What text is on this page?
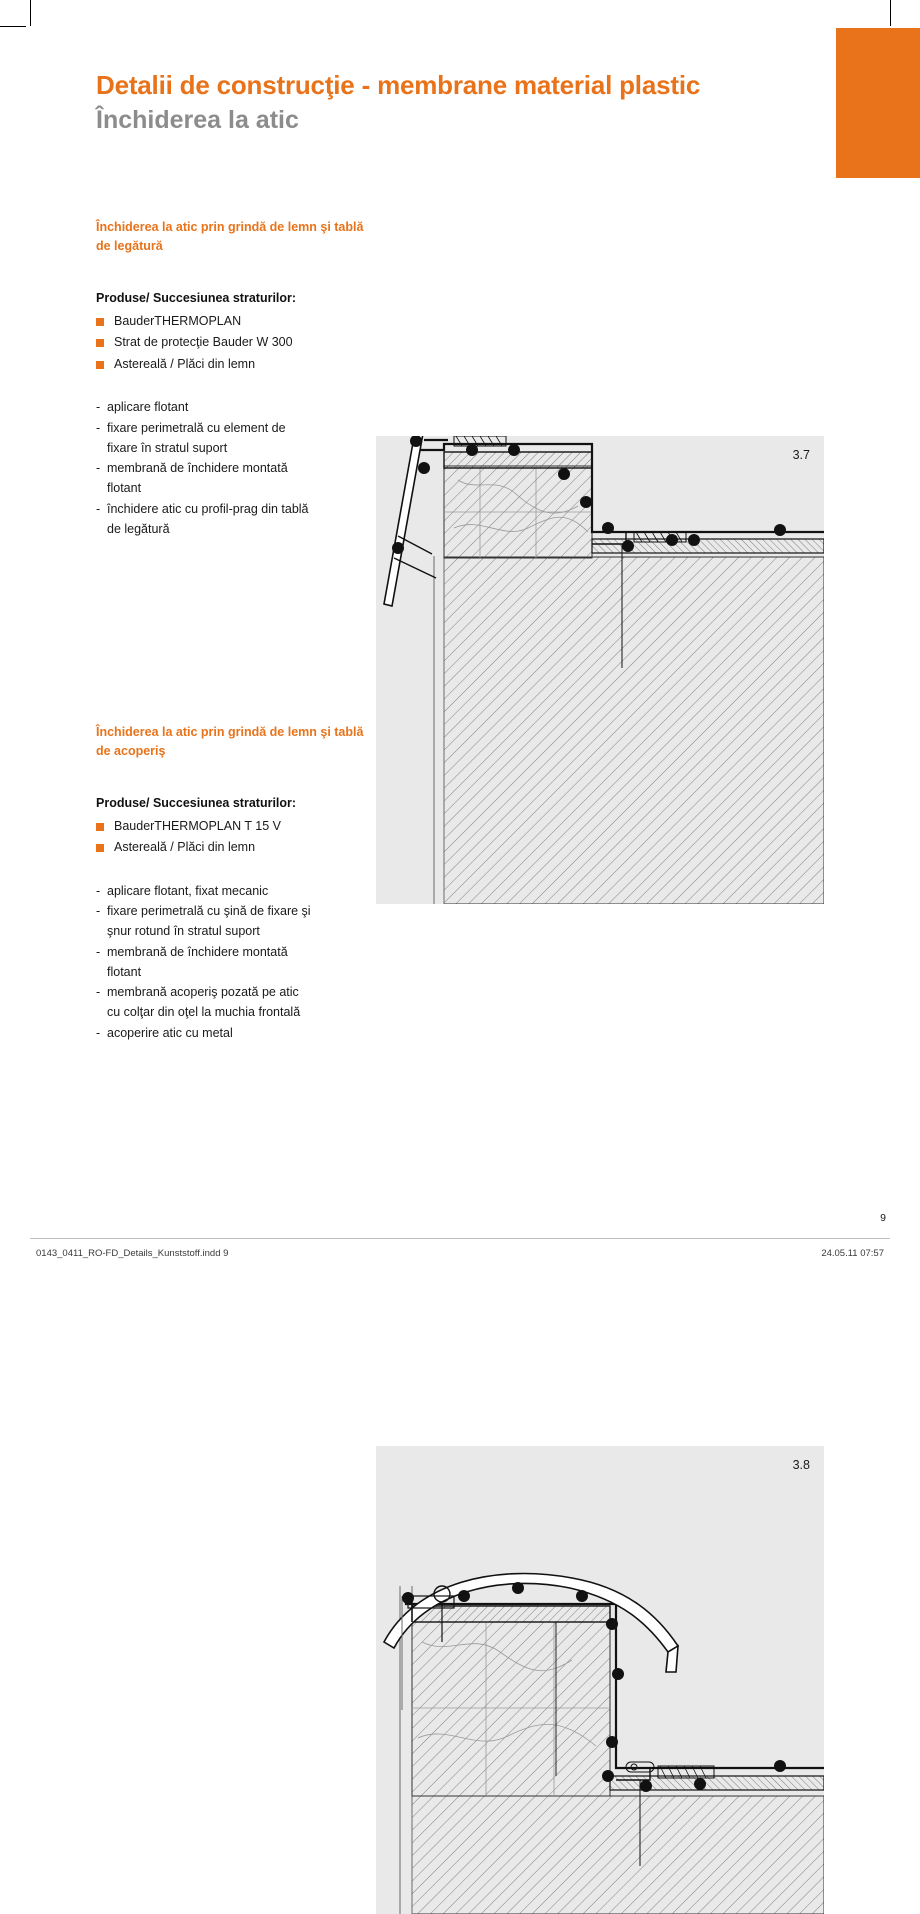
Detalii de construcţie - membrane material plastic
Închiderea la atic

Închiderea la atic prin grindă de lemn şi tablă de legătură

Produse/ Succesiunea straturilor:

BauderTHERMOPLAN
Strat de protecţie Bauder W 300
Astereală / Plăci din lemn
- aplicare flotant
- fixare perimetrală cu element de
fixare în stratul suport
- membrană de închidere montată
flotant
- închidere atic cu profil-prag din tablă
de legătură
3.7

Închiderea la atic prin grindă de lemn şi tablă de acoperiş

Produse/ Succesiunea straturilor:

BauderTHERMOPLAN T 15 V
Astereală / Plăci din lemn
- aplicare flotant, fixat mecanic
- fixare perimetrală cu şină de fixare şi
şnur rotund în stratul suport
- membrană de închidere montată
flotant
- membrană acoperiş pozată pe atic
cu colţar din oţel la muchia frontală
- acoperire atic cu metal
3.8
9
0143_0411_RO-FD_Details_Kunststoff.indd 9	24.05.11 07:57
